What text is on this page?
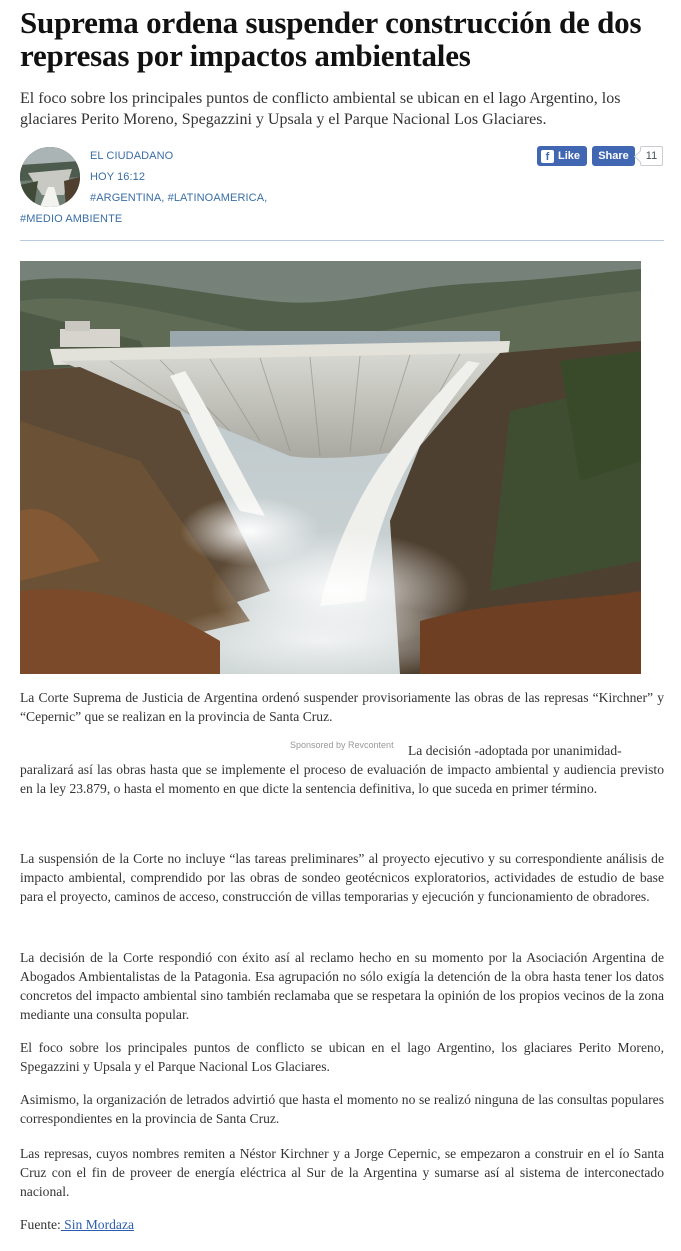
Suprema ordena suspender construcción de dos represas por impactos ambientales

El foco sobre los principales puntos de conflicto ambiental se ubican en el lago Argentino, los glaciares Perito Moreno, Spegazzini y Upsala y el Parque Nacional Los Glaciares.

EL CIUDADANO
HOY 16:12
#ARGENTINA, #LATINOAMERICA,
#MEDIO AMBIENTE
f Like Share	11

La Corte Suprema de Justicia de Argentina ordenó suspender provisoriamente las obras de las represas “Kirchner” y “Cepernic” que se realizan en la provincia de Santa Cruz.

Sponsored by Revcontent La decisión -adoptada por unanimidad-

paralizará así las obras hasta que se implemente el proceso de evaluación de impacto ambiental y audiencia previsto en la ley 23.879, o hasta el momento en que dicte la sentencia definitiva, lo que suceda en primer término.

La suspensión de la Corte no incluye “las tareas preliminares” al proyecto ejecutivo y su correspondiente análisis de impacto ambiental, comprendido por las obras de sondeo geotécnicos exploratorios, actividades de estudio de base para el proyecto, caminos de acceso, construcción de villas temporarias y ejecución y funcionamiento de obradores.

La decisión de la Corte respondió con éxito así al reclamo hecho en su momento por la Asociación Argentina de Abogados Ambientalistas de la Patagonia. Esa agrupación no sólo exigía la detención de la obra hasta tener los datos concretos del impacto ambiental sino también reclamaba que se respetara la opinión de los propios vecinos de la zona mediante una consulta popular.

El foco sobre los principales puntos de conflicto se ubican en el lago Argentino, los glaciares Perito Moreno, Spegazzini y Upsala y el Parque Nacional Los Glaciares.

Asimismo, la organización de letrados advirtió que hasta el momento no se realizó ninguna de las consultas populares correspondientes en la provincia de Santa Cruz.

Las represas, cuyos nombres remiten a Néstor Kirchner y a Jorge Cepernic, se empezaron a construir en el ío Santa Cruz con el fin de proveer de energía eléctrica al Sur de la Argentina y sumarse así al sistema de interconectado nacional.

Fuente: Sin Mordaza
